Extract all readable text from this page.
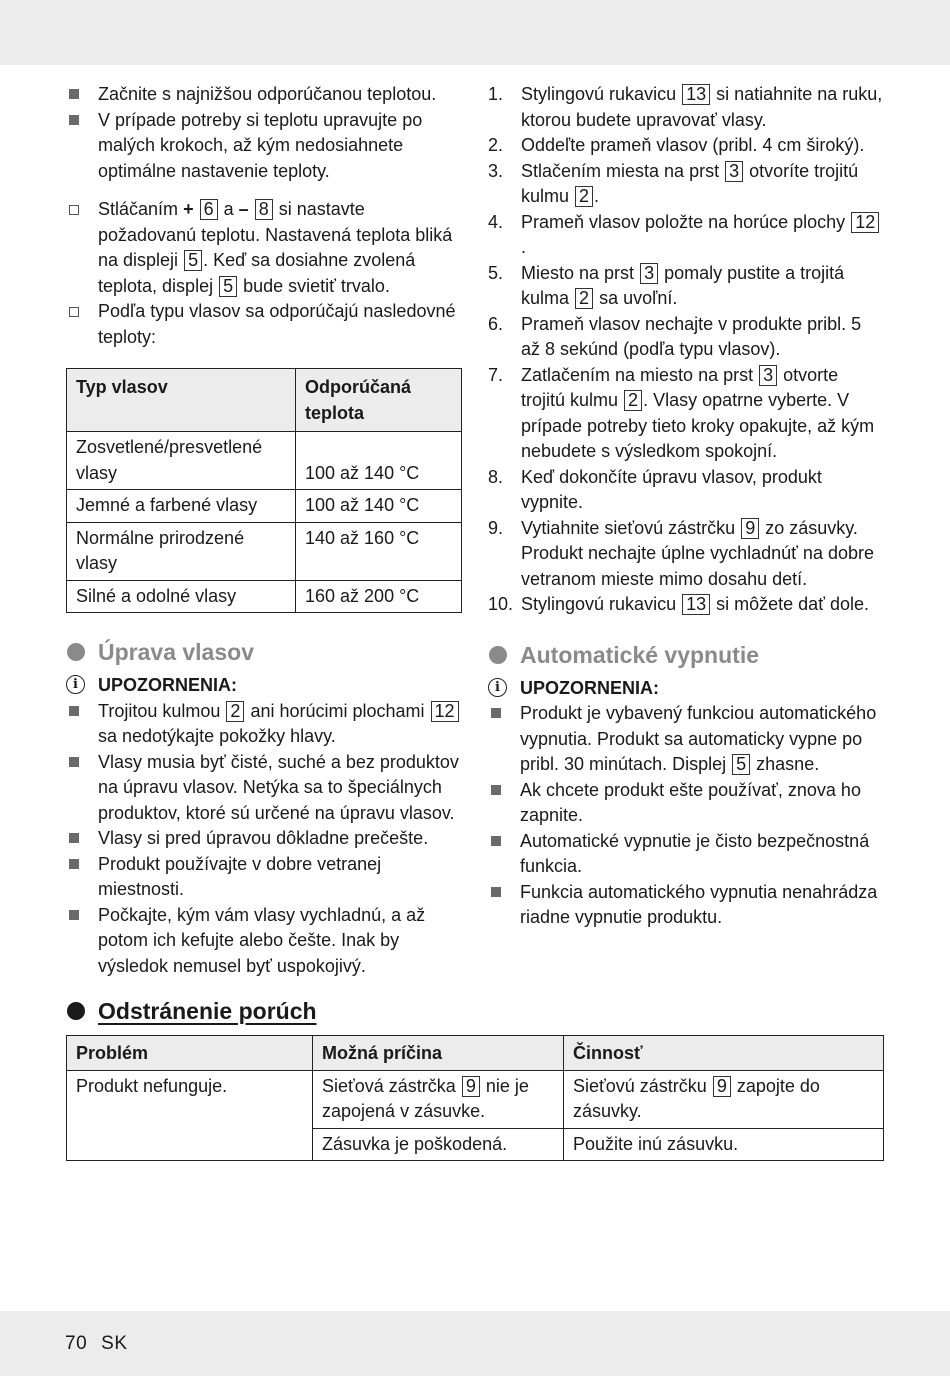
Začnite s najnižšou odporúčanou teplotou.
V prípade potreby si teplotu upravujte po malých krokoch, až kým nedosiahnete optimálne nastavenie teploty.
Stláčaním + 6 a – 8 si nastavte požadovanú teplotu. Nastavená teplota bliká na displeji 5 . Keď sa dosiahne zvolená teplota, displej 5 bude svietiť trvalo.
Podľa typu vlasov sa odporúčajú nasledovné teploty:
Typ vlasov	Odporúčaná teplota
Zosvetlené/presvetlené vlasy	100 až 140 °C
Jemné a farbené vlasy	100 až 140 °C
Normálne prirodzené vlasy	140 až 160 °C
Silné a odolné vlasy	160 až 200 °C
Úprava vlasov
i	UPOZORNENIA:
Trojitou kulmou 2 ani horúcimi plochami 12 sa nedotýkajte pokožky hlavy.
Vlasy musia byť čisté, suché a bez produktov na úpravu vlasov. Netýka sa to špeciálnych produktov, ktoré sú určené na úpravu vlasov.
Vlasy si pred úpravou dôkladne prečešte.
Produkt používajte v dobre vetranej miestnosti.
Počkajte, kým vám vlasy vychladnú, a až potom ich kefujte alebo češte. Inak by výsledok nemusel byť uspokojivý.
1. Stylingovú rukavicu 13 si natiahnite na ruku, ktorou budete upravovať vlasy.
2. Oddeľte prameň vlasov (pribl. 4 cm široký).
3. Stlačením miesta na prst 3 otvoríte trojitú kulmu 2 .
4. Prameň vlasov položte na horúce plochy 12.
5. Miesto na prst 3 pomaly pustite a trojitá kulma 2 sa uvoľní.
6. Prameň vlasov nechajte v produkte pribl. 5 až 8 sekúnd (podľa typu vlasov).
7. Zatlačením na miesto na prst 3 otvorte trojitú kulmu 2 . Vlasy opatrne vyberte. V prípade potreby tieto kroky opakujte, až kým nebudete s výsledkom spokojní.
8. Keď dokončíte úpravu vlasov, produkt vypnite.
9. Vytiahnite sieťovú zástrčku 9 zo zásuvky. Produkt nechajte úplne vychladnúť na dobre vetranom mieste mimo dosahu detí.
10. Stylingovú rukavicu 13 si môžete dať dole.
Automatické vypnutie
i	UPOZORNENIA:
Produkt je vybavený funkciou automatického vypnutia. Produkt sa automaticky vypne po pribl. 30 minútach. Displej 5 zhasne.
Ak chcete produkt ešte používať, znova ho zapnite.
Automatické vypnutie je čisto bezpečnostná funkcia.
Funkcia automatického vypnutia nenahrádza riadne vypnutie produktu.
Odstránenie porúch
Problém	Možná príčina	Činnosť
Produkt nefunguje.	Sieťová zástrčka 9 nie je zapojená v zásuvke.	Sieťovú zástrčku 9 zapojte do zásuvky.
	Zásuvka je poškodená.	Použite inú zásuvku.
70 SK
